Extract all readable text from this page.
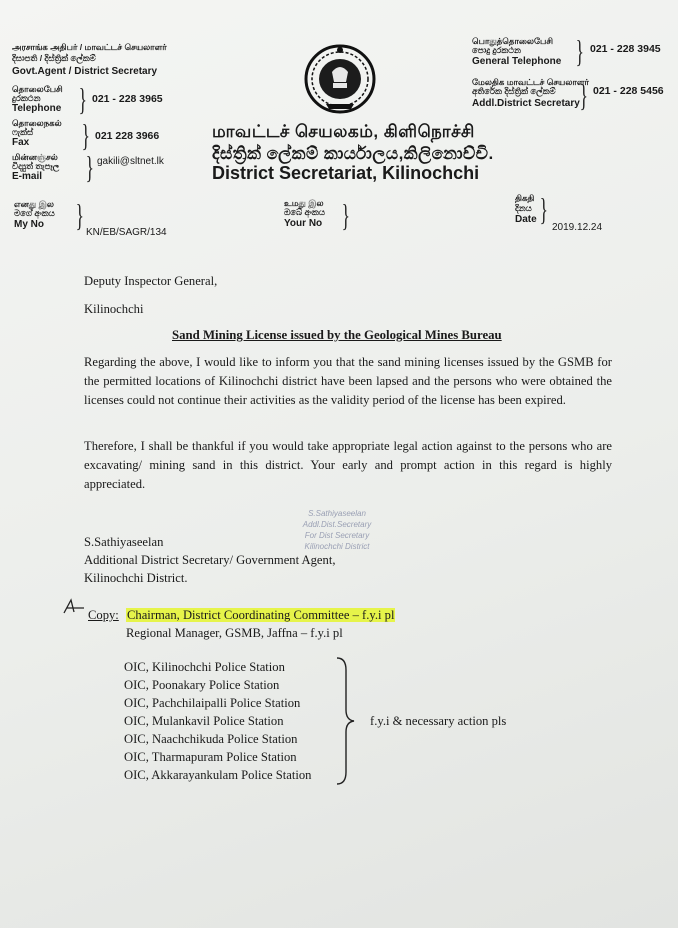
அரசாங்க அதிபர் / மாவட்டச் செயலாளர்
දිසාපති / දිස්ත්‍රික් ලේකම්
Govt.Agent / District Secretary
தொலைபேசி
දුරකථන
Telephone } 021 - 228 3965
தொலைநகல்
ෆැක්ස්
Fax } 021 228 3966
மின்னஞ்சல்
විද්‍යුත් තැපෑල
E-mail } gakili@sltnet.lk
பொதுத்தொலைபேசி
පොදු දුරකථන
General Telephone } 021 - 228 3945
மேலதிக மாவட்டச் செயலாளர்
අතිරේක දිස්ත්‍රික් ලේකම්
Addl.District Secretary } 021 - 228 5456
மாவட்டச் செயலகம், கிளிநொச்சி
දිස්ත්‍රික් ලේකම් කාර්යාලය,කිලිනොච්චි.
District Secretariat, Kilinochchi
எனது இல
මගේ අංකය
My No } KN/EB/SAGR/134
உமது இல
ඔබේ අංකය
Your No }	திகதி
දිනය
Date }
2019.12.24
Deputy Inspector General,
Kilinochchi
Sand Mining License issued by the Geological Mines Bureau
Regarding the above, I would like to inform you that the sand mining licenses issued by the GSMB for the permitted locations of Kilinochchi district have been lapsed and the persons who were obtained the licenses could not continue their activities as the validity period of the license has been expired.
Therefore, I shall be thankful if you would take appropriate legal action against to the persons who are excavating/ mining sand in this district. Your early and prompt action in this regard is highly appreciated.
S.Sathiyaseelan
Addl.Dist.Secretary
For Dist Secretary
Kilinochchi District
S.Sathiyaseelan
Additional District Secretary/ Government Agent,
Kilinochchi District.
Copy: Chairman, District Coordinating Committee – f.y.i pl
Regional Manager, GSMB, Jaffna – f.y.i pl
OIC, Kilinochchi Police Station
OIC, Poonakary Police Station
OIC, Pachchilaipalli Police Station
OIC, Mulankavil Police Station
OIC, Naachchikuda Police Station
OIC, Tharmapuram Police Station
OIC, Akkarayankulam Police Station
f.y.i & necessary action pls
